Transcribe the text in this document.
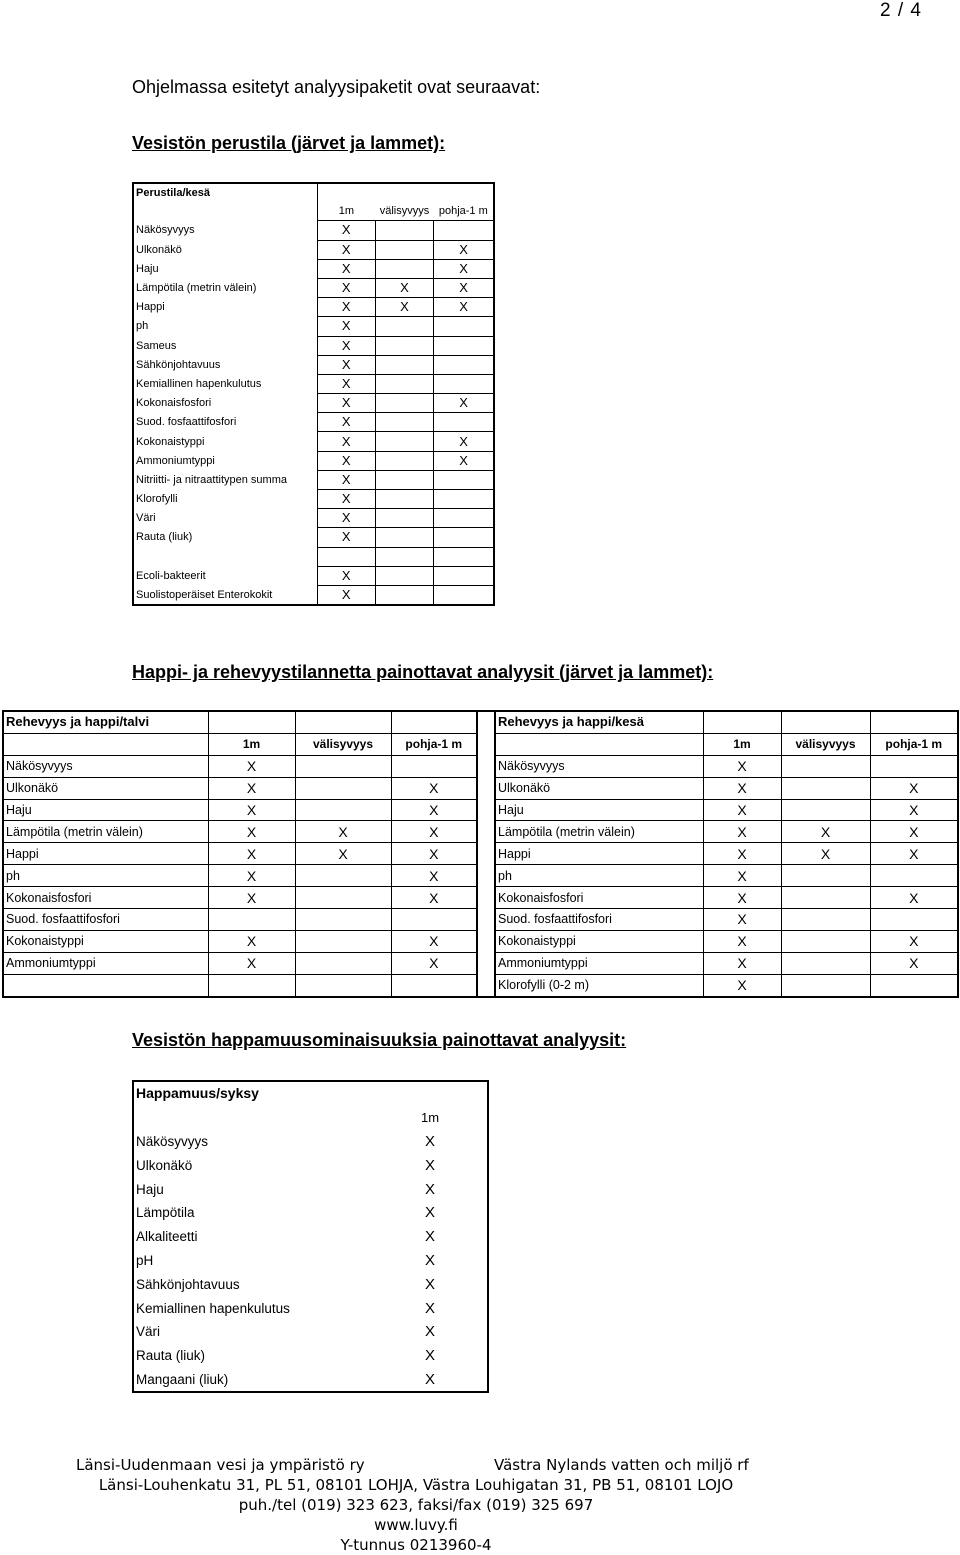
2 / 4
Ohjelmassa esitetyt analyysipaketit ovat seuraavat:
Vesistön perustila (järvet ja lammet):
Perustila/kesä			
	1m	välisyvyys	pohja-1 m
Näkösyvyys	X		
Ulkonäkö	X		X
Haju	X		X
Lämpötila (metrin välein)	X	X	X
Happi	X	X	X
ph	X		
Sameus	X		
Sähkönjohtavuus	X		
Kemiallinen hapenkulutus	X		
Kokonaisfosfori	X		X
Suod. fosfaattifosfori	X		
Kokonaistyppi	X		X
Ammoniumtyppi	X		X
Nitriitti- ja nitraattitypen summa	X		
Klorofylli	X		
Väri	X		
Rauta (liuk)	X		

Ecoli-bakteerit	X		
Suolistoperäiset Enterokokit	X		
Happi- ja rehevyystilannetta painottavat analyysit (järvet ja lammet):
Rehevyys ja happi/talvi					Rehevyys ja happi/kesä			
	1m	välisyvyys	pohja-1 m			1m	välisyvyys	pohja-1 m
Näkösyvyys	X				Näkösyvyys	X		
Ulkonäkö	X		X		Ulkonäkö	X		X
Haju	X		X		Haju	X		X
Lämpötila (metrin välein)	X	X	X		Lämpötila (metrin välein)	X	X	X
Happi	X	X	X		Happi	X	X	X
ph	X		X		ph	X		
Kokonaisfosfori	X		X		Kokonaisfosfori	X		X
Suod. fosfaattifosfori					Suod. fosfaattifosfori	X		
Kokonaistyppi	X		X		Kokonaistyppi	X		X
Ammoniumtyppi	X		X		Ammoniumtyppi	X		X
					Klorofylli (0-2 m)	X		
Vesistön happamuusominaisuuksia painottavat analyysit:
Happamuus/syksy	
	1m
Näkösyvyys	X
Ulkonäkö	X
Haju	X
Lämpötila	X
Alkaliteetti	X
pH	X
Sähkönjohtavuus	X
Kemiallinen hapenkulutus	X
Väri	X
Rauta (liuk)	X
Mangaani (liuk)	X
Länsi-Uudenmaan vesi ja ympäristö ry	Västra Nylands vatten och miljö rf
Länsi-Louhenkatu 31, PL 51, 08101 LOHJA, Västra Louhigatan 31, PB 51, 08101 LOJO
puh./tel (019) 323 623, faksi/fax (019) 325 697
www.luvy.fi
Y-tunnus 0213960-4
